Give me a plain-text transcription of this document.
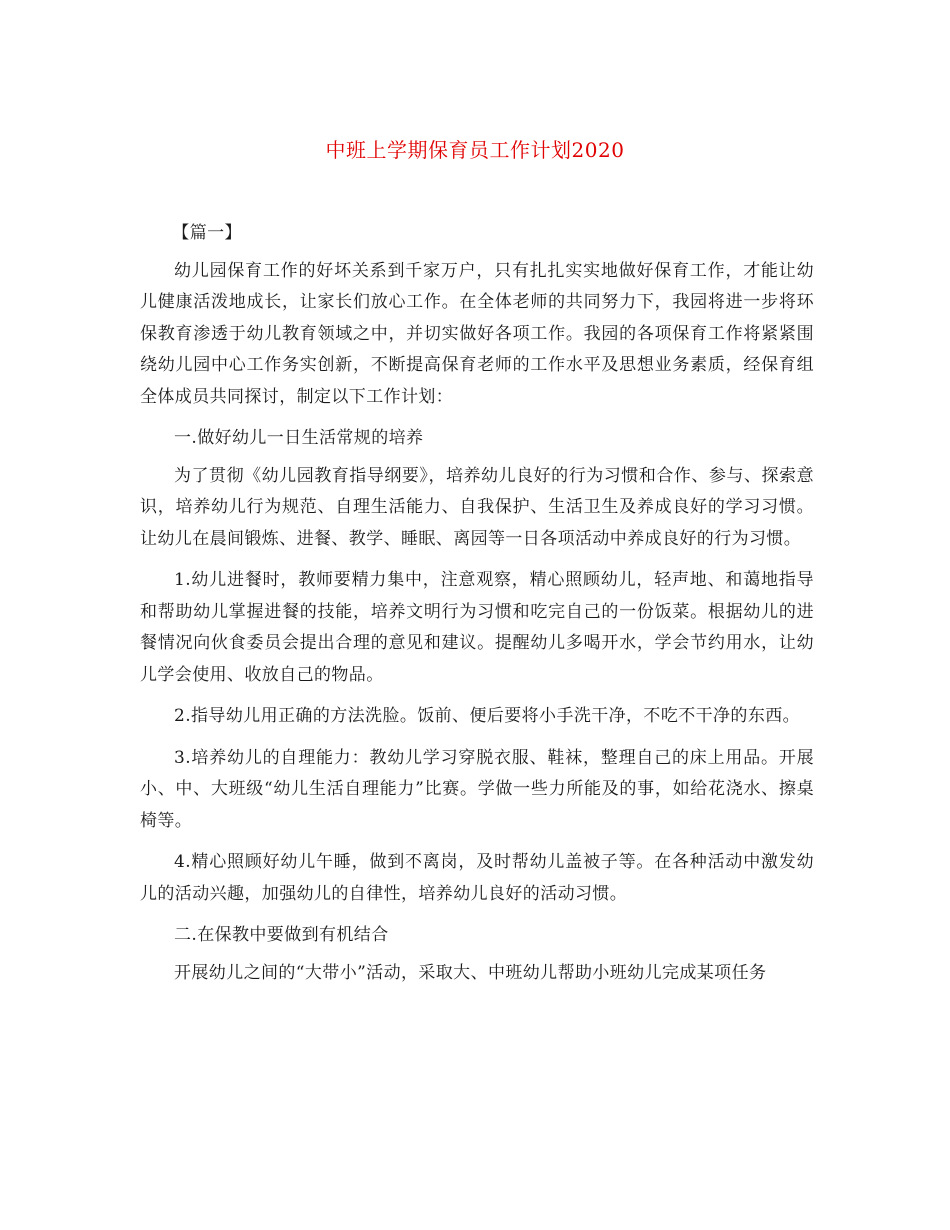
中班上学期保育员工作计划2020

【篇一】

幼儿园保育工作的好坏关系到千家万户，只有扎扎实实地做好保育工作，才能让幼儿健康活泼地成长，让家长们放心工作。在全体老师的共同努力下，我园将进一步将环保教育渗透于幼儿教育领域之中，并切实做好各项工作。我园的各项保育工作将紧紧围绕幼儿园中心工作务实创新，不断提高保育老师的工作水平及思想业务素质，经保育组全体成员共同探讨，制定以下工作计划：

一.做好幼儿一日生活常规的培养

为了贯彻《幼儿园教育指导纲要》，培养幼儿良好的行为习惯和合作、参与、探索意识，培养幼儿行为规范、自理生活能力、自我保护、生活卫生及养成良好的学习习惯。让幼儿在晨间锻炼、进餐、教学、睡眠、离园等一日各项活动中养成良好的行为习惯。

1.幼儿进餐时，教师要精力集中，注意观察，精心照顾幼儿，轻声地、和蔼地指导和帮助幼儿掌握进餐的技能，培养文明行为习惯和吃完自己的一份饭菜。根据幼儿的进餐情况向伙食委员会提出合理的意见和建议。提醒幼儿多喝开水，学会节约用水，让幼儿学会使用、收放自己的物品。

2.指导幼儿用正确的方法洗脸。饭前、便后要将小手洗干净，不吃不干净的东西。

3.培养幼儿的自理能力：教幼儿学习穿脱衣服、鞋袜，整理自己的床上用品。开展小、中、大班级“幼儿生活自理能力”比赛。学做一些力所能及的事，如给花浇水、擦桌椅等。

4.精心照顾好幼儿午睡，做到不离岗，及时帮幼儿盖被子等。在各种活动中激发幼儿的活动兴趣，加强幼儿的自律性，培养幼儿良好的活动习惯。

二.在保教中要做到有机结合

开展幼儿之间的“大带小”活动，采取大、中班幼儿帮助小班幼儿完成某项任务
